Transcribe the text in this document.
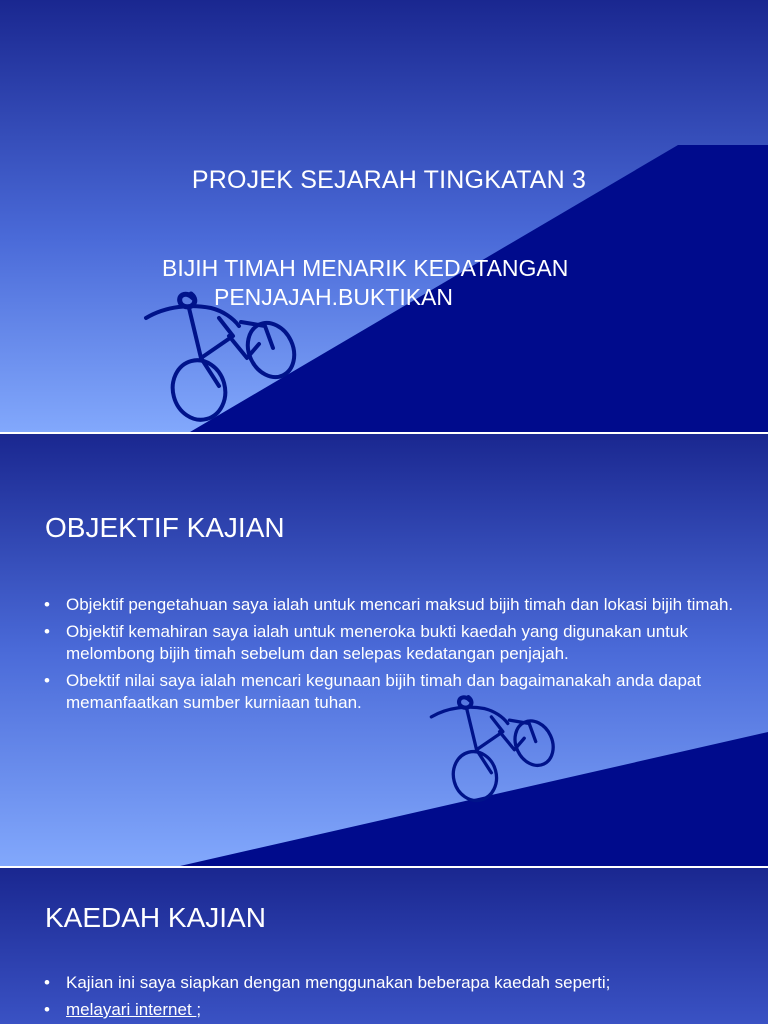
PROJEK SEJARAH TINGKATAN 3
BIJIH TIMAH MENARIK KEDATANGAN
PENJAJAH.BUKTIKAN
OBJEKTIF KAJIAN
• Objektif pengetahuan saya ialah untuk mencari maksud bijih timah dan lokasi bijih timah.
• Objektif kemahiran saya ialah untuk meneroka bukti kaedah yang digunakan untuk melombong bijih timah sebelum dan selepas kedatangan penjajah.
• Obektif nilai saya ialah mencari kegunaan bijih timah dan bagaimanakah anda dapat memanfaatkan sumber kurniaan tuhan.
KAEDAH KAJIAN
• Kajian ini saya siapkan dengan menggunakan beberapa kaedah seperti;
• melayari internet ;
